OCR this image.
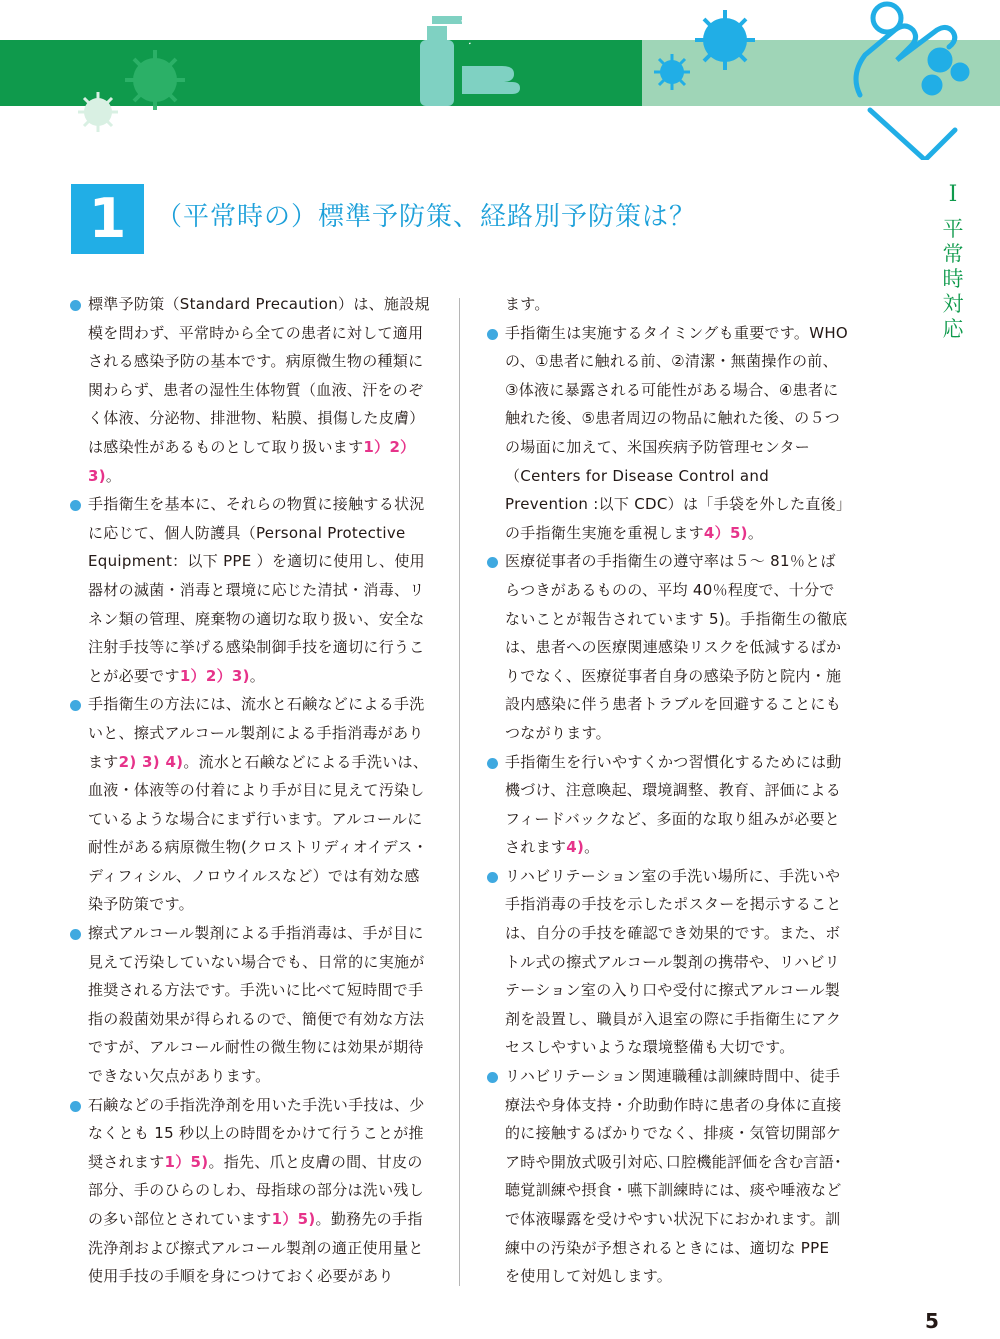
1	（平常時の）標準予防策、経路別予防策は？
Ⅰ
平
常
時
対
応
標準予防策（Standard Precaution）は、施設規模を問わず、平常時から全ての患者に対して適用される感染予防の基本です。病原微生物の種類に関わらず、患者の湿性生体物質（血液、汗をのぞく体液、分泌物、排泄物、粘膜、損傷した皮膚）は感染性があるものとして取り扱います1）2）3)。
手指衛生を基本に、それらの物質に接触する状況に応じて、個人防護具（Personal Protective Equipment：以下 PPE ）を適切に使用し、使用器材の滅菌・消毒と環境に応じた清拭・消毒、リネン類の管理、廃棄物の適切な取り扱い、安全な注射手技等に挙げる感染制御手技を適切に行うことが必要です1）2）3)。
手指衛生の方法には、流水と石鹸などによる手洗いと、擦式アルコール製剤による手指消毒があります2) 3) 4)。流水と石鹸などによる手洗いは、血液・体液等の付着により手が目に見えて汚染しているような場合にまず行います。アルコールに耐性がある病原微生物(クロストリディオイデス・ディフィシル、ノロウイルスなど）では有効な感染予防策です。
擦式アルコール製剤による手指消毒は、手が目に見えて汚染していない場合でも、日常的に実施が推奨される方法です。手洗いに比べて短時間で手指の殺菌効果が得られるので、簡便で有効な方法ですが、アルコール耐性の微生物には効果が期待できない欠点があります。
石鹸などの手指洗浄剤を用いた手洗い手技は、少なくとも 15 秒以上の時間をかけて行うことが推奨されます1）5)。指先、爪と皮膚の間、甘皮の部分、手のひらのしわ、母指球の部分は洗い残しの多い部位とされています1）5)。勤務先の手指洗浄剤および擦式アルコール製剤の適正使用量と使用手技の手順を身につけておく必要があり
ます。
手指衛生は実施するタイミングも重要です。WHO の、①患者に触れる前、②清潔・無菌操作の前、③体液に暴露される可能性がある場合、④患者に触れた後、⑤患者周辺の物品に触れた後、の５つの場面に加えて、米国疾病予防管理センター（Centers for Disease Control and Prevention :以下 CDC）は「手袋を外した直後」の手指衛生実施を重視します4）5)。
医療従事者の手指衛生の遵守率は５～ 81％とばらつきがあるものの、平均 40％程度で、十分でないことが報告されています 5)。手指衛生の徹底は、患者への医療関連感染リスクを低減するばかりでなく、医療従事者自身の感染予防と院内・施設内感染に伴う患者トラブルを回避することにもつながります。
手指衛生を行いやすくかつ習慣化するためには動機づけ、注意喚起、環境調整、教育、評価によるフィードバックなど、多面的な取り組みが必要とされます4)。
リハビリテーション室の手洗い場所に、手洗いや手指消毒の手技を示したポスターを掲示することは、自分の手技を確認でき効果的です。また、ボトル式の擦式アルコール製剤の携帯や、リハビリテーション室の入り口や受付に擦式アルコール製剤を設置し、職員が入退室の際に手指衛生にアクセスしやすいような環境整備も大切です。
リハビリテーション関連職種は訓練時間中、徒手療法や身体支持・介助動作時に患者の身体に直接的に接触するばかりでなく、排痰・気管切開部ケア時や開放式吸引対応､口腔機能評価を含む言語･聴覚訓練や摂食・嚥下訓練時には、痰や唾液などで体液曝露を受けやすい状況下におかれます。訓練中の汚染が予想されるときには、適切な PPE を使用して対処します。
5
